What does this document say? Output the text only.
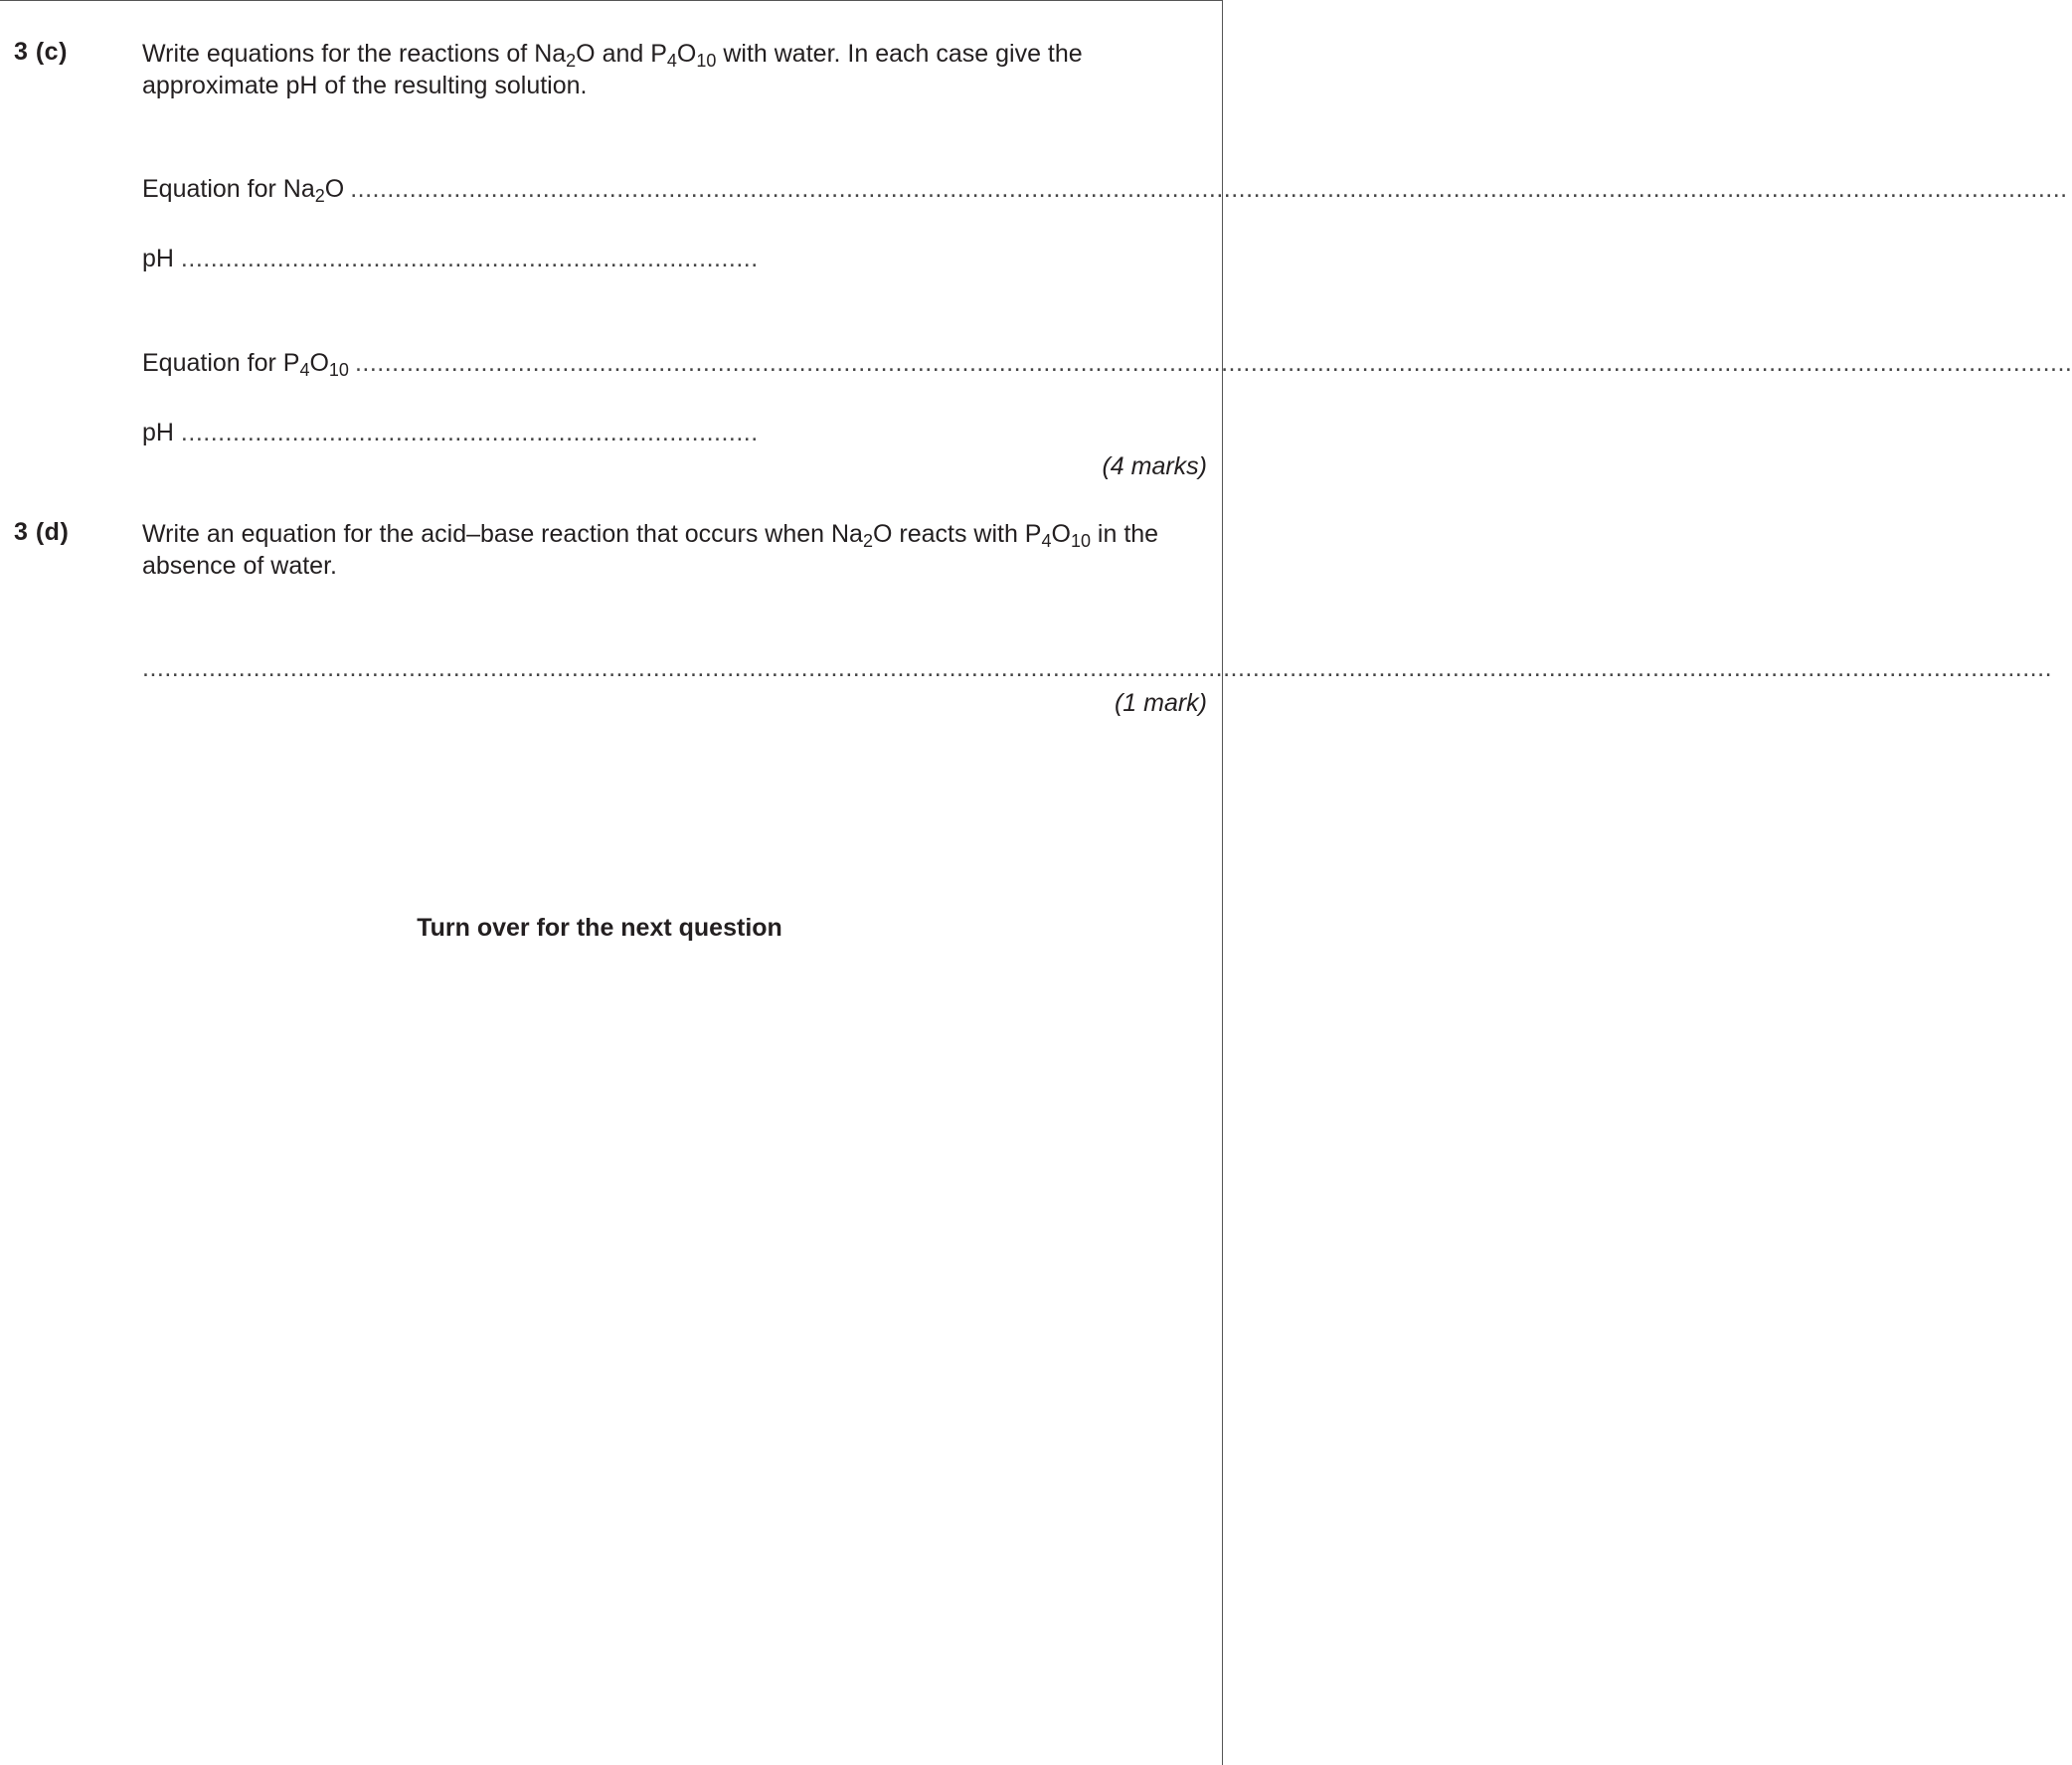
3 (c)	Write equations for the reactions of $Na_2O$ and $P_4O_{10}$ with water. In each case give the approximate pH of the resulting solution.
Equation for $Na_2O$ ........................................................................................................................................................................................................................................
pH ..............................................................................
Equation for $P_4O_{10}$ ........................................................................................................................................................................................................................................
pH ..............................................................................
(4 marks)
3 (d)	Write an equation for the acid–base reaction that occurs when $Na_2O$ reacts with $P_4O_{10}$ in the absence of water.
..................................................................................................................................................................................................................................................................
(1 mark)
Turn over for the next question
